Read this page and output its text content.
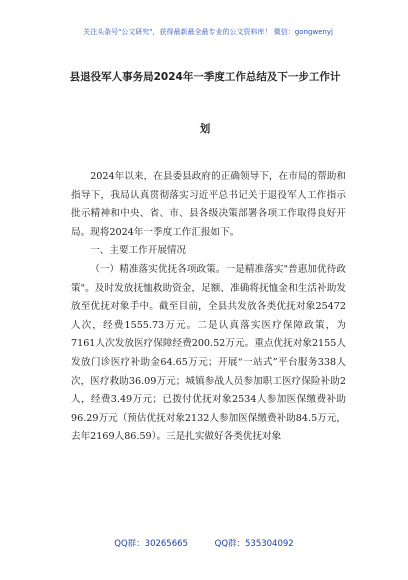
关注头条号"公文研究"，获得最新最全最专业的公文资料库！ 微信：gongwenyj
县退役军人事务局2024年一季度工作总结及下一步工作计
划

2024年以来，在县委县政府的正确领导下，在市局的帮助和指导下，我局认真贯彻落实习近平总书记关于退役军人工作指示批示精神和中央、省、市、县各级决策部署各项工作取得良好开局。现将2024年一季度工作汇报如下。

一、主要工作开展情况

（一）精准落实优抚各项政策。一是精准落实"普惠加优待政策"。及时发放抚恤救助资金，足额、准确将抚恤金和生活补助发放至优抚对象手中。截至目前，全县共发放各类优抚对象25472人次，经费1555.73万元。二是认真落实医疗保障政策，为7161人次发放医疗保障经费200.52万元。重点优抚对象2155人发放门诊医疗补助金64.65万元；开展“一站式”平台服务338人次，医疗救助36.09万元；城镇参战人员参加职工医疗保险补助2人，经费3.49万元；已拨付优抚对象2534人参加医保缴费补助96.29万元（预估优抚对象2132人参加医保缴费补助84.5万元，去年2169人86.59）。三是扎实做好各类优抚对象

QQ群：30265665	QQ群：535304092
